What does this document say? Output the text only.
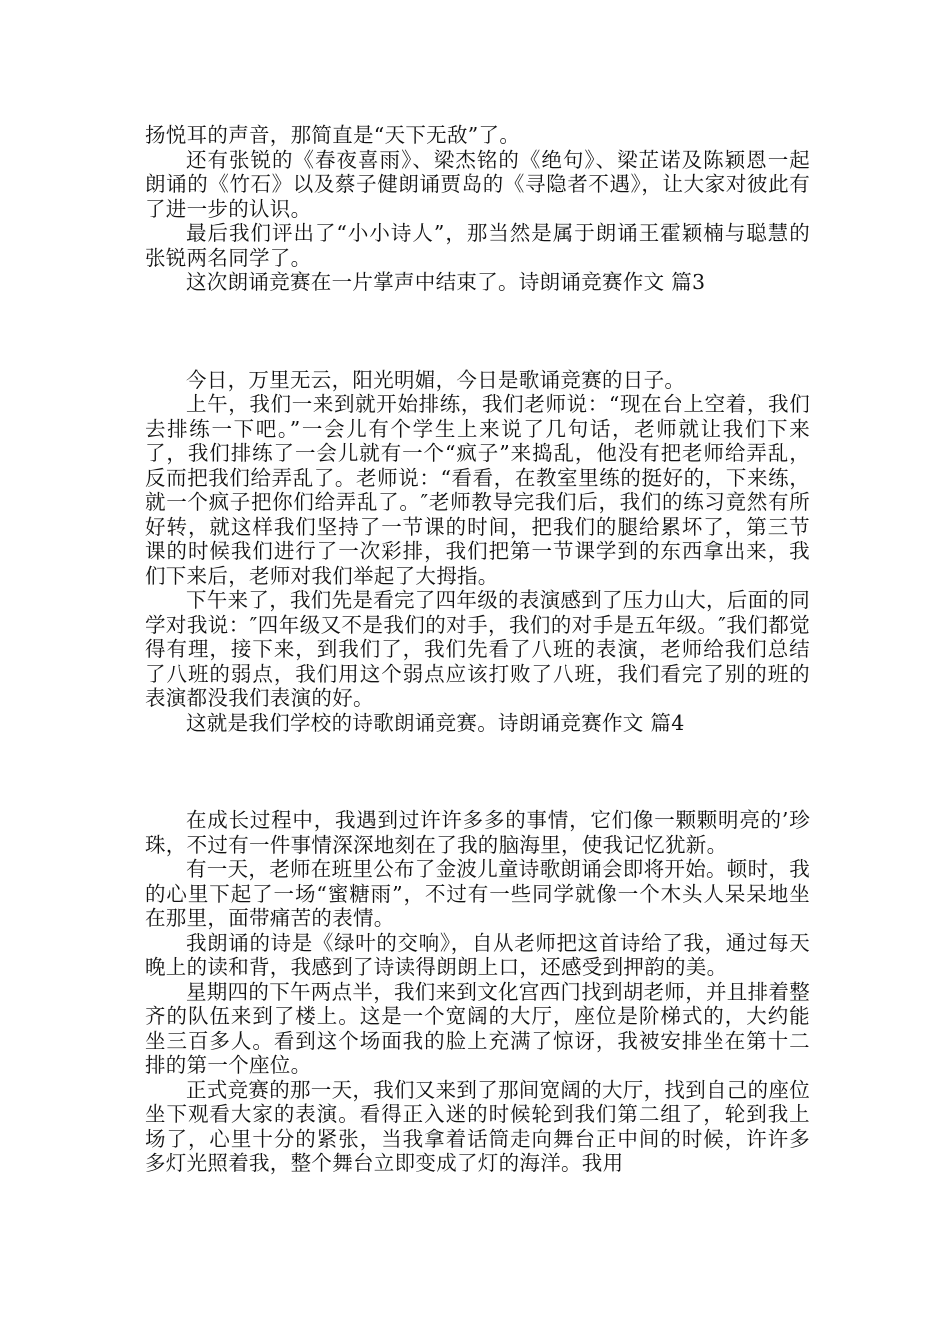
扬悦耳的声音，那简直是“天下无敌”了。

还有张锐的《春夜喜雨》、梁杰铭的《绝句》、梁芷诺及陈颖恩一起朗诵的《竹石》以及蔡子健朗诵贾岛的《寻隐者不遇》，让大家对彼此有了进一步的认识。

最后我们评出了“小小诗人”，那当然是属于朗诵王霍颖楠与聪慧的张锐两名同学了。

这次朗诵竞赛在一片掌声中结束了。诗朗诵竞赛作文 篇3

今日，万里无云，阳光明媚，今日是歌诵竞赛的日子。

上午，我们一来到就开始排练，我们老师说：“现在台上空着，我们去排练一下吧。”一会儿有个学生上来说了几句话，老师就让我们下来了，我们排练了一会儿就有一个“疯子”来捣乱，他没有把老师给弄乱，反而把我们给弄乱了。老师说：“看看，在教室里练的挺好的，下来练，就一个疯子把你们给弄乱了。″老师教导完我们后，我们的练习竟然有所好转，就这样我们坚持了一节课的时间，把我们的腿给累坏了，第三节课的时候我们进行了一次彩排，我们把第一节课学到的东西拿出来，我们下来后，老师对我们举起了大拇指。

下午来了，我们先是看完了四年级的表演感到了压力山大，后面的同学对我说：″四年级又不是我们的对手，我们的对手是五年级。″我们都觉得有理，接下来，到我们了，我们先看了八班的表演，老师给我们总结了八班的弱点，我们用这个弱点应该打败了八班，我们看完了别的班的表演都没我们表演的好。

这就是我们学校的诗歌朗诵竞赛。诗朗诵竞赛作文 篇4

在成长过程中，我遇到过许许多多的事情，它们像一颗颗明亮的’珍珠，不过有一件事情深深地刻在了我的脑海里，使我记忆犹新。

有一天，老师在班里公布了金波儿童诗歌朗诵会即将开始。顿时，我的心里下起了一场“蜜糖雨”，不过有一些同学就像一个木头人呆呆地坐在那里，面带痛苦的表情。

我朗诵的诗是《绿叶的交响》，自从老师把这首诗给了我，通过每天晚上的读和背，我感到了诗读得朗朗上口，还感受到押韵的美。

星期四的下午两点半，我们来到文化宫西门找到胡老师，并且排着整齐的队伍来到了楼上。这是一个宽阔的大厅，座位是阶梯式的，大约能坐三百多人。看到这个场面我的脸上充满了惊讶，我被安排坐在第十二排的第一个座位。

正式竞赛的那一天，我们又来到了那间宽阔的大厅，找到自己的座位坐下观看大家的表演。看得正入迷的时候轮到我们第二组了，轮到我上场了，心里十分的紧张，当我拿着话筒走向舞台正中间的时候，许许多多灯光照着我，整个舞台立即变成了灯的海洋。我用
